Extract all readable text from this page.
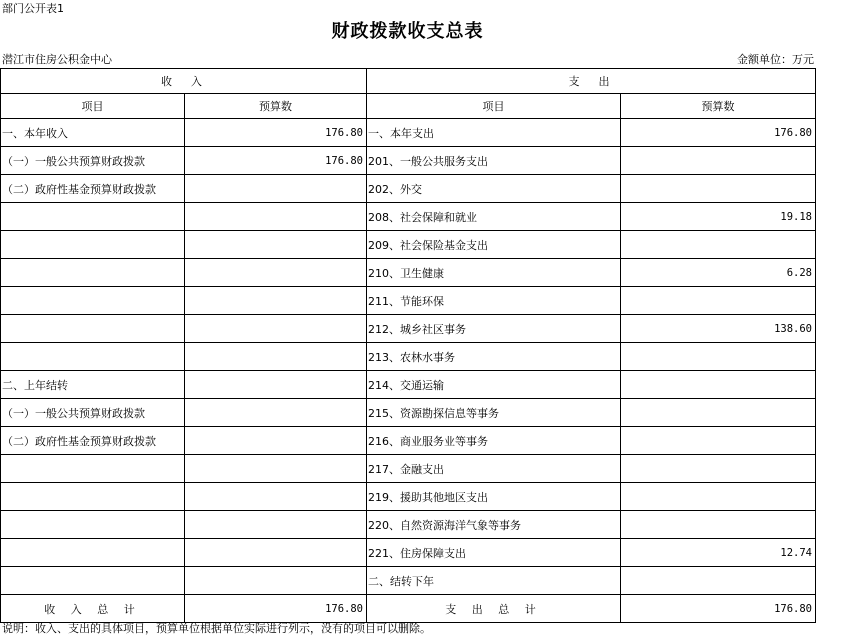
部门公开表1
财政拨款收支总表
潜江市住房公积金中心	金额单位：万元
收　入		支　出	
项目	预算数	项目	预算数
一、本年收入	176.80	一、本年支出	176.80
（一）一般公共预算财政拨款	176.80	201、一般公共服务支出	
（二）政府性基金预算财政拨款		202、外交	
		208、社会保障和就业	19.18
		209、社会保险基金支出	
		210、卫生健康	6.28
		211、节能环保	
		212、城乡社区事务	138.60
		213、农林水事务	
二、上年结转		214、交通运输	
（一）一般公共预算财政拨款		215、资源勘探信息等事务	
（二）政府性基金预算财政拨款		216、商业服务业等事务	
		217、金融支出	
		219、援助其他地区支出	
		220、自然资源海洋气象等事务	
		221、住房保障支出	12.74
		二、结转下年	
收 入 总 计	176.80	支 出 总 计	176.80
说明：收入、支出的具体项目，预算单位根据单位实际进行列示，没有的项目可以删除。
